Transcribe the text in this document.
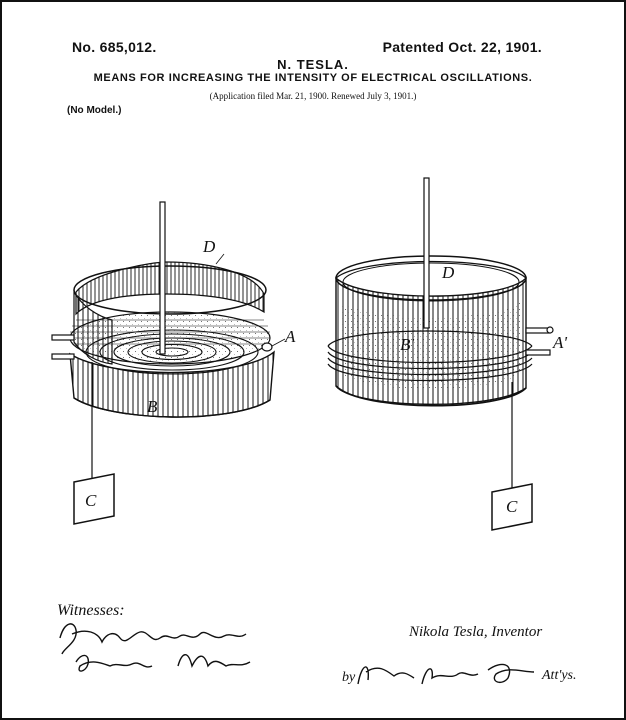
No. 685,012.	Patented Oct. 22, 1901.
N. TESLA.
MEANS FOR INCREASING THE INTENSITY OF ELECTRICAL OSCILLATIONS.
(Application filed Mar. 21, 1900. Renewed July 3, 1901.)
(No Model.)
D
A
B
C
D
A'
B'
C
Witnesses:
Nikola Tesla, Inventor
by	Att'ys.
